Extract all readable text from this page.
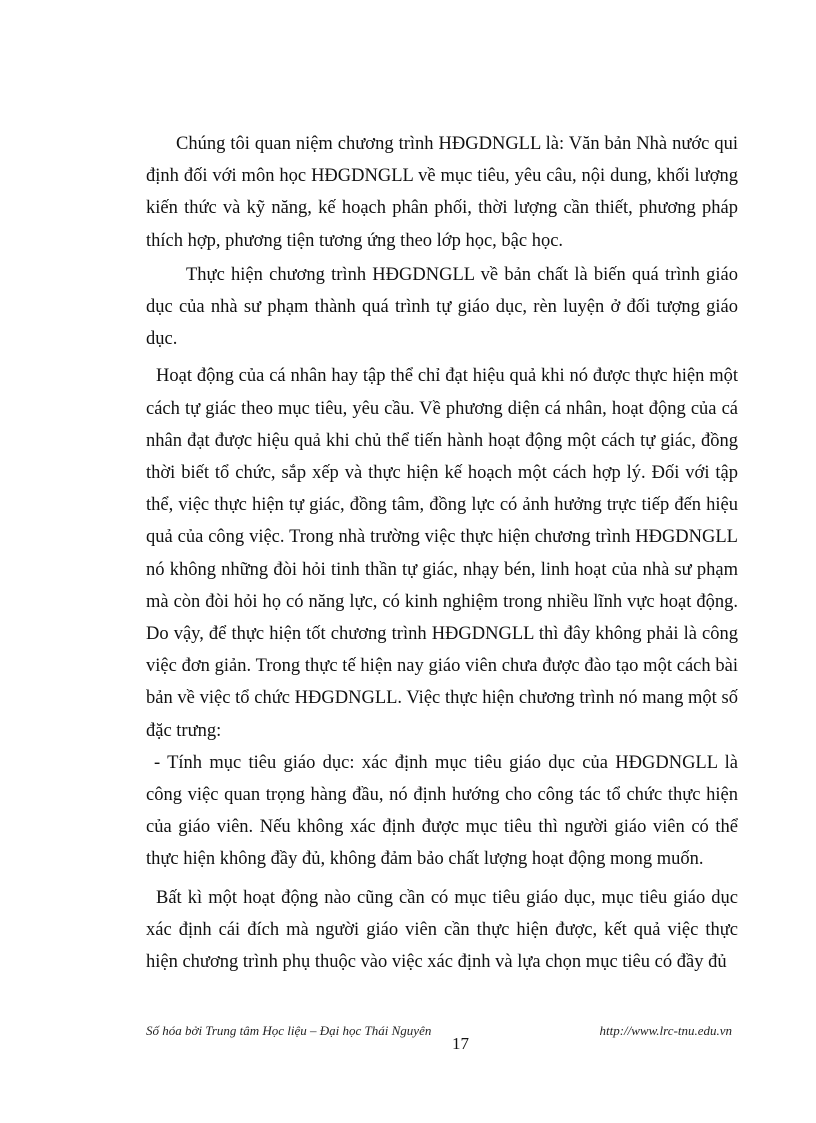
Chúng tôi quan niệm chương trình HĐGDNGLL là: Văn bản Nhà nước qui định đối với môn học HĐGDNGLL về mục tiêu, yêu câu, nội dung, khối lượng kiến thức và kỹ năng, kế hoạch phân phối, thời lượng cần thiết, phương pháp thích hợp, phương tiện tương ứng theo lớp học, bậc học.

Thực hiện chương trình HĐGDNGLL về bản chất là biến quá trình giáo dục của nhà sư phạm thành quá trình tự giáo dục, rèn luyện ở đối tượng giáo dục.

Hoạt động của cá nhân hay tập thể chỉ đạt hiệu quả khi nó được thực hiện một cách tự giác theo mục tiêu, yêu cầu. Về phương diện cá nhân, hoạt động của cá nhân đạt được hiệu quả khi chủ thể tiến hành hoạt động một cách tự giác, đồng thời biết tổ chức, sắp xếp và thực hiện kế hoạch một cách hợp lý. Đối với tập thể, việc thực hiện tự giác, đồng tâm, đồng lực có ảnh hưởng trực tiếp đến hiệu quả của công việc. Trong nhà trường việc thực hiện chương trình HĐGDNGLL nó không những đòi hỏi tinh thần tự giác, nhạy bén, linh hoạt của nhà sư phạm mà còn đòi hỏi họ có năng lực, có kinh nghiệm trong nhiều lĩnh vực hoạt động. Do vậy, để thực hiện tốt chương trình HĐGDNGLL thì đây không phải là công việc đơn giản. Trong thực tế hiện nay giáo viên chưa được đào tạo một cách bài bản về việc tổ chức HĐGDNGLL. Việc thực hiện chương trình nó mang một số đặc trưng:

- Tính mục tiêu giáo dục: xác định mục tiêu giáo dục của HĐGDNGLL là công việc quan trọng hàng đầu, nó định hướng cho công tác tổ chức thực hiện của giáo viên. Nếu không xác định được mục tiêu thì người giáo viên có thể thực hiện không đầy đủ, không đảm bảo chất lượng hoạt động mong muốn.

Bất kì một hoạt động nào cũng cần có mục tiêu giáo dục, mục tiêu giáo dục xác định cái đích mà người giáo viên cần thực hiện được, kết quả việc thực hiện chương trình phụ thuộc vào việc xác định và lựa chọn mục tiêu có đầy đủ

Số hóa bởi Trung tâm Học liệu – Đại học Thái Nguyên
17
http://www.lrc-tnu.edu.vn
